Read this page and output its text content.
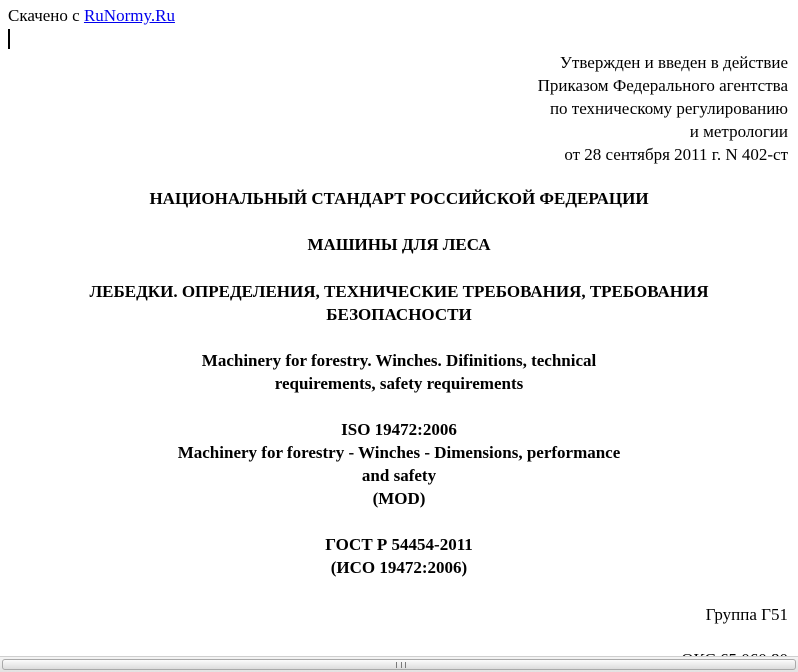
Скачено с RuNormy.Ru
Утвержден и введен в действие
Приказом Федерального агентства
по техническому регулированию
и метрологии
от 28 сентября 2011 г. N 402-ст
НАЦИОНАЛЬНЫЙ СТАНДАРТ РОССИЙСКОЙ ФЕДЕРАЦИИ
МАШИНЫ ДЛЯ ЛЕСА
ЛЕБЕДКИ. ОПРЕДЕЛЕНИЯ, ТЕХНИЧЕСКИЕ ТРЕБОВАНИЯ, ТРЕБОВАНИЯ
БЕЗОПАСНОСТИ
Machinery for forestry. Winches. Difinitions, technical
requirements, safety requirements
ISO 19472:2006
Machinery for forestry - Winches - Dimensions, performance
and safety
(MOD)
ГОСТ Р 54454-2011
(ИСО 19472:2006)
Группа Г51
